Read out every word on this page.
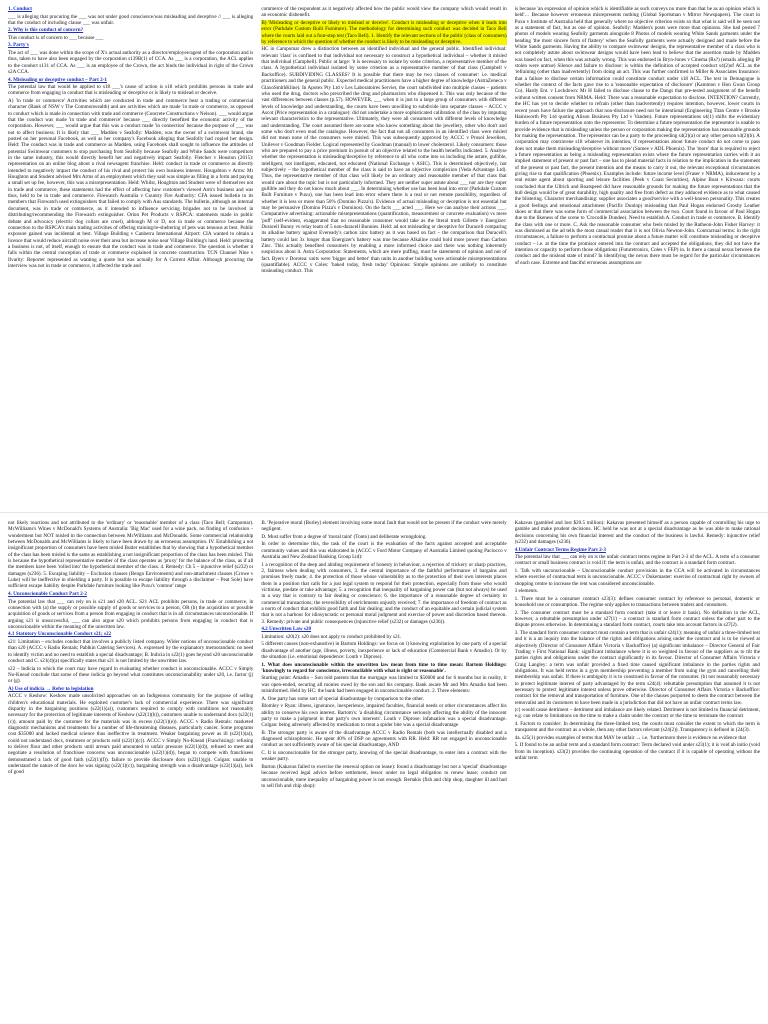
1. Conduct

___ is alleging that procuring the ___ was not under good conscience/was misleading and deceptive // ___ is alleging that the conduct of including clause ___ was unfair.

2. Why is this conduct of concern?

This conduct is of concern to ___ because ___

3. Party's

The act of ___ was done within the scope of X's actual authority as a director/employee/agent of the corporation and is thus, taken to have also been engaged by the corporation s139B(1) of CCA. As ___ is a corporation, the ACL applies to the conduct s131 of CCA. As ___ is an employee of the Crown, the act binds the individual in right of the Crown s2A CCA.

4. Misleading or deceptive conduct – Part 2-1

The potential law that would be applied to s18 ___'s cause of action is s18 which prohibits persons in trade and commerce from engaging in conduct that is misleading or deceptive or is likely to mislead or deceive.

A) 'in trade or commerce' Activities which are conducted in trade and commerce bear a trading or commercial character (Bank of NSW v The Commonwealth) and are activities which are made 'in trade or commerce, as opposed to conduct which is made in connection with trade and commerce (Concrete Constructions v Nelson). ___ would argue that the conduct was made 'in trade and commerce' because ___ directly benefited the economic activity of the corporation. However, ___ would argue that this was a conduct made 'in connection' because the purpose of ___ was not to affect business. It is likely that ___ Madden v Seafolly: Madden, was the owner of a swimwear brand, she posted on her personal Facebook, as well as her company's Facebook alleging that Seafolly had copied her design. Held: The conduct was in trade and commerce as Madden, using Facebook shall sought to influence the attitudes of potential Swimwear customers to stop purchasing from Seafolly because Seafolly and White Sands were competitors in the same industry, this would directly benefit her and negatively impact Seafolly. Fletcher v Houston (2015): representation on an online blog about a rival newsagent franchise. Held: conduct in trade or commerce as directly intended to negatively impact the conduct of his rival and protect his own business interest. Hougahton v Arms: Mr Houghton and Student advised Mrs Arms of an employment which they said was simple as filling in a form and paying a small set up fee, however, this was a misrepresentation. Held: Whilst, Houghton and Student were of themselves not in trade and commerce, these statements had the effect of affecting how customer's viewed Arm's business and was thus, held to be in trade and commerce. Firewatch Australia v Country Fire Authority: CFA issued bulletin to its members that Firewatch used extinguishers that failed to comply with Aus standards. The bulletin, although an internal document, was in trade or commerce, as it intended to influence servicing brigades not to be involved in distributing/recommending the Firewatch extinguisher. Orion Pet Products v RSPCA: statements made in public debate and advocacy (electric dog collars are cruel), although M or D, not in trade or commerce because the connection to the RSPCA's main trading activities of offering training/re-sheltering of pets was tenuous at best. Public exposure gained was incidental at best. Village Building v Canberra International Airport: CIA wanted to obtain a licence that would reduce aircraft noise over their area but increase noise near Village Building's land. Held: protecting a business is not, of itself, enough to ensure that the conduct was in trade and commerce. The question is whether it falls within the central conception of trade or commerce explained in concrete construction. TCN Channel Nine v Ilvarity: Reporter represented as wanting a quote but was actually for A Current Affair. Although procuring the interview was not in trade or commerce, it affected the trade and

commerce of the respondent as it negatively affected how the public would view the company which would result in an economic disbenefit.

B) 'Misleading or deceptive or likely to mislead or deceive'. Conduct is misleading or deceptive when it leads into error (Parkdale Custom Built Furniture). The methodology for determining such conduct was decided in Taco Bell where the courts laid out a four-step test (Taco Bell). 1. Identify the relevant sections of the public (class of consumers) by reference to which the question of whether the conduct is likely to be misleading or deceptive.

HC in Campomar drew a distinction between an identified individual and the general public. Identified individual: relevant 'class' is confined to that individual not necessary to construct a hypothetical individual – whether it misled that individual (Campbell). Public at large: 'it is necessary to isolate by some criterion, a representative member of the class. A hypothetical individual isolated by some criterion as a representative member of that class (Campbell v Backoffice). SUBDIVIDING CLASSES? It is possible that there may be two classes of consumer: i.e. medical practitioners and the general public. Expected medical practitioners have a higher degree of knowledge (AstraZeneca v GlaxoSmithKline). In Apotex Pty Ltd v Les Laboratoires Servier, the court subdivided into multiple classes – patients who used the drug, doctors who prescribed the drug and pharmacists who dispensed it. This was only because of the vast differences between classes (p.57). HOWEVER, ___ when it is just to a large group of consumers with different levels of knowledge and understanding, the courts have been unwilling to subdivide into separate classes – ACCC v Ascot (Price representation in a catalogue): did not undertake a more sophisticated calibration of the class by imputing relevant characteristics to the representative. Ultimately, they were all consumers with different levels of knowledge and understanding. The court assumed there are some who know something about the jewellery, other who don't and some who don't even read the catalogue. However, the fact that not all consumers in an identified class were misled did not mean none of the consumers were misled. This was subsequently approved by ACCC v Prosol Jewellers, Unilever v Goodman Fielder. Logical represented by Goodman (manual) to lower cholesterol. Likely consumers: those who are prepared to pay a price premium in pursuit of an objective related to the health benefits indicated. 5. Analyse whether the representation is misleading/deceptive by reference to all who come into us including the astute, gullible, intelligent, not intelligent, educated, not educated (National Exchange v ASIC). This is determined objectively, not subjectively – the hypothetical member of the class is said to have an objective complexion (Veda Advantage Ltd). Thus, the representative member of that class will likely be an ordinary and reasonable member of that class that would care about the topic but is not particularly informed. They are neither super astute about ___ nor are they super gullible and they do not know much about ___. In determining whether use has been lead into error (Parkdale Custom Built Furniture v Puxu), one has been lead into error where there is a real or not remote possibility, regardless of whether it is less or more than 50% (Domino Pizza's). Evidence of actual misleading or deception is not essential but may be persuasive (Domino Pizza's v Dominos). On the facts ___ acted ___. Here we can analyse their actions ___. Comparative advertising: actionable misrepresentations (quantification, measurement or concrete evaluation) vs mere 'puff' (self-evident, exaggerated that no reasonable consumer would take as the literal truth Gillette v Energizer: Duracell Bunny vs relay team of 5 non-duracell Bunnies. Held: ad not misleading or deceptive for Duracell comparing its alkaline battery against Eveready's carbon zinc battery as it was based on fact – the comparison that Duracell's battery could last 3x longer than Energizer's battery was true because Alkaline could hold more power than Carbon Zinc. This actually benefited consumers by enabling a more informed choice and there was nothing inherently suspicious about it. Astra Corporation: Statements, which are mere puffing, must be statements of opinion and not of fact. Byers v Dorotea: units were 'bigger and better' than units in another building were actionable misrepresentations (quantifiable). ACCC v Coles: 'baked today, fresh today' Opinions: Simple opinions are unlikely to constitute misleading conduct. This

is because 'an expression of opinion which is identifiable as such conveys no more than that he as an opinion which is held'… Because however erroneous misrepresents nothing (Global Sportsman v Mirror Newspapers). The court in Puxu v Institute of Australia held that generally where no objective criterion exists so that what is said will be seen not as a statement of fact, but as one of opinion. Seafolly: Madden's posts were more than opinions. She had posted 7 photos of models wearing Seafolly garments alongside 8 Photos of models wearing White Sands garments under the heading 'the most sincere form of flattery' when the Seafolly garments were actually designed and made before the White Sands garments. Having the ability to compare swimwear designs, the representative member of a class who is not completely astute about swimwear designs would have been lead to believe that the assertion made by Madden was based on fact, when this was actually wrong. This was endorsed in Bryn-Jones v Cinema (Rs?) (emails alleging IP stolen were untrue) Silence and failure to disclose: is within the definition of accepted conduct s4(2)of ACL as the 'refraining (other than inadvertently) from doing an act. This was further confirmed in Miller & Associates Insurance: that a failure to disclose certain information could constitute conduct under s18 ACL. The test in Demagogue is whether the context of the facts gave rise to a 'reasonable expectation of disclosure' (Kammon v Hon Gwan Group Co). Hardy Ent. v Lockdown: Mr H failed to disclose clause to the Dangs that pre-tested assignment of the benefit without written consent from NRMA. Held: There was a reasonable expectation to disclose. INTENTION? Currently, the HC has yet to decide whether to refrain (other than inadvertently) requires intention, however, lower courts in recent years have failure the approach that non-disclosure need not be intentional (Engineering Titan Centre v Brooke Hainsworth Pty Ltd quoting Alison Business Pty Ltd v Vanden). Future representations s4(1) shifts the evidentiary burden of a future representation onto the representor. To determine a future representation the representor is unable to provide evidence that is misleading unless the person or corporation making the representation has reasonable grounds for making the representation. The representor can be a party to the proceeding s4(2)(a) or any other person s4(2)(b). A corporation may contravene s18 whatever its intention, if representations about future conduct do not come to pass does not make them misleading/deceptive without more' (Sumee v ADL Phoenix). The 'more' that is required to reject a future representation as being a misleading representation exists where the future representation carries with it an implied statement of present or past fact – one has to plead material facts in relation to the implication in the statement of the present or past fact, the present intention and the means to carry it out, the relevant exceptional circumstances giving rise to that qualification (Phoenix). Examples include: future income level (Fraser v NRMA), inducement by a real estate agent about sporting and leisure facilities (Peek v Coast Securities), Alpine Boat v Kirwanz: courts concluded that the Ullrich and Boatspeed did have reasonable grounds for making the future representations that the hull design would be of great durability, high quality and free from defect as they adduced evidence as to what caused the blistering. Character merchandising: supplier associates a good/service with a well-known personality. This creates a good feelings and emotional attachment (Pacific Dunlop) misleading that Paul Hogan endorsed Grosby Leather shoes or that there was some form of commercial association between the two. Court found in favour of Paul Hogan due to the likeness of the scene to 'Crocodile Dundee). Need to establish A. Conduct in trade or commerce. B. Identify the class with one or more. C. Ask the reasonable consumer who feels misled by the Ratheon-John Fisher Harvey: it was dismissed as the ad tells the most casual reader that it is not Olivia Newton-John. Contractual terms: in the right circumstances, a failure to perform a contractual promise about a future matter will constitute misleading or deceptive conduct – i.e. at the time the promisor entered into the contract and accepted the obligations, they did not have the intention or capacity to perform those obligations (Futuretronics, Coles v FEP) in. Is there a causal nexus between the conduct and the mislead state of mind? In identifying the nexus there must be regard for the particular circumstances of each case. Extreme and fanciful erroneous assumptions are

not likely reactions and not attributed to the 'ordinary' or 'reasonable' member of a class (Taco Bell; Campomar). McWilliams's Wines v McDonald's Systems of Australia: 'Big Mac' used for a wine pack, no finding of confusion – wonderment but NOT misled in the connection between McWilliams and McDonalds. Some commercial relationship between McDonalds and McWilliams is likely to have been drawn by an erroneous assumption. IV. Establishing a not insignificant proportion of consumers have been misled Butler establishes that by showing that a hypothetical member of the class has been misled is the same as establishing a not insignificant proportion of the class has been misled. This is because the hypothetical representative member of the class operates as 'proxy' for the balance of the class, as if all the members have been 'rolled into' the hypothetical member of the class. 4. Remedy: Ch 5 – injunctive relief (s232) or damages (s236). 5. Escaping liability – Exclusion clauses (Bengo Enviroments) and non-attachment clauses (Crowe v Luke) will be ineffective in shielding a party. It is possible to escape liability through a disclaimer – Peat Sole) have sufficient escape liability despite Parkdale furniture looking like Puxu's 'contour' range

4. Unconscionable Conduct Part 2-2

The potential law that ___ can rely on is s21 and s20 ACL. S21 ACL prohibits persons, in trade or commerce, in connection with (a) the supply or possible supply of goods or services to a person, OR (b) the acquisition or possible acquisition of goods or services from a person from engaging in conduct that is in all circumstances unconscionable. If arguing s21 is unsuccessful, ___ can also argue s20 which prohibits persons from engaging in conduct that is unconscionable within the meaning of the unwritten law.

4.1 Statutory Unconscionable Conduct s21; s22

s21: Limitation – excludes conduct that involves a publicly listed company. Wider notions of unconscionable conduct than s20 (ACCC v Radio Rentals; Pablkin Catering Services). A. expressed by the explanatory memorandum: no need to identify victim and no need to establish a special disadvantage; B. Indicia in s22(1) goes beyond s20 unconscionable conduct and C. s21(4)(a) specifically states that s21 is not limited by the unwritten law.

s22 – Indicia to which the court may have regard in evaluating whether conduct is unconscionable. ACCC v Simply No-Knead conclude that some of these indicia go beyond what constitutes unconscionability under s20, i.e. factor (j) or (g).

A) Use of indicia → Refer to legislation

ACCC v Keshow: Keshow made unsolicited approaches on an Indigenous community for the purpose of selling children's educational materials. He exploited customer's lack of commercial experience. There was significant disparity in the bargaining positions (s22(1)(a)), customers required to comply with conditions not reasonably necessary for the protection of legitimate interests of Keshow (s22(1)(b)), customers unable to understand docs (s22(1)(c)), amount paid by the customer for the materials was in excess (s22(1)(e)). ACCC v Radio Rentals: marketed diagnostic mechanisms and treatments for a number of life-threatening diseases, particularly cancer. Some programs cost $35000 and lacked medical science thus ineffective in treatment. Weaker bargaining power as ill (s22(1)(a)), could not understand docs, treatment or products sold (s22(1)(c)). ACCC v Simply No-Knead (Franchising): refusing to deliver flour and other products until arrears paid amounted to unfair pressure (s22(1)(d)), refused to meet and negotiate a resolution of franchisee concerns was unconscionable (s22(1)(d)), began to compete with franchisees demonstrated a lack of good faith (s22(1)(f)). failure to provide disclosure docs (s22(1)(g)). Colgan: unable to understand the nature of the docs he was signing (s22(1)(c)), bargaining strength was a disadvantage (s22(1)(a)), lack of good

B. 'Pejorative moral (Burley) element involving some moral fault that would not be present if the conduct were merely negligent.

D. Must suffer from a degree of 'moral taint' (Tonto) and deliberate wrongdoing.

In order to determine this, the task of the court is the evaluation of the facts against accepted and acceptable community values and this was elaborated in (ACCC v Ford Motor Company of Australia Limited quoting Paciocco v Australia and New Zealand Banking Group Ltd):

1 a recognition of the deep and abiding requirement of honesty in behaviour, a rejection of trickery or sharp practices, 2, fairness when dealing with consumers, 3. the central importance of the faithful performance of bargains and promises freely made; 4. the protection of those whose vulnerability as to the protection of their own interests places them in a position that calls for a just legal system to respond for their protection, especially from those who would victimise, predate or take advantage; 5. a recognition that inequality of bargaining power can (but not always) be used in a way that is contrary to fair dealing or conscience; 6. the importance of a reasonable degree of certainty in commercial transactions; the reversibility of enrichments unjustly received; 7. the importance of freedom of contract as a norm of conduct that exhibits good faith and fair dealing; and the conduct of an equitable and certain judicial system that is not a harbour for idiosyncratic or personal moral judgment and exercise of power and discretion based thereon. 3. Remedy: private and public consequences (injunctive relief (s232) or damages (s236)).

4.2 Unwritten Law s20

Limitation: s20(2): s20 does not apply to conduct prohibited by s21.

5 different causes (non-exhaustive) in Bartom Holdings: we focus on i) knowing exploitation by one party of a special disadvantage of another (age, illness, poverty, inexperience or lack of education (Commercial Bank v Amadio). Or by the situation (i.e. emotional dependence: Louth v Diprose).

1. What does unconscionable within the unwritten law mean from time to time mean: Bartom Holdings: 'knowingly to regard for conscience, irreconcilable with what is right or reasonable'.

Starting point: Amadio – Son told parents that the mortgage was limited to $50000 and for 6 months but in reality, it was open-ended, securing all monies owed by the son and his company. Bank aware Mr and Mrs Amadio had been misinformed. Held by HC: the bank had been engaged in unconscionable conduct. 2. Three elements:

A. One party has some sort of special disadvantage by comparison to the other.

Blomley v Ryan: illness, ignorance, inexperience, impaired faculties, financial needs or other circumstances affect his ability to conserve his own interest. Bartom's: 'a disabling circumstance seriously affecting the ability of the innocent party to make a judgment in that party's own interests'. Louth v Diprose: infatuation was a special disadvantage. Colgan: being adversely affected by medication to treat a spider bite was a special disadvantage

B. The stronger party is aware of the disadvantage ACCC v Radio Rentals (both was intellectually disabled and a diagnosed schizophrenic. He spent 40% of DSP on agreements with RR. Held: RR not engaged in unconscionable conduct as not sufficiently aware of his special disadvantage, AND

C. It is unconscionable for the stronger party, knowing of the special disadvantage, to enter into a contract with the weaker party.

Burton (Kakavas failed to exercise the renewal option on lease): found a disadvantage but not a 'special' disadvantage because received legal advice before settlement, lessor under no legal obligation to renew lease; conduct not unconscionable, mere inequality of bargaining power is not enough. Bertakis (fish and chip shop, daughter ill and had to sell fish and chip shop):

Kakavas (gambled and lost $20.5 million): Kakavas presented himself as a person capable of controlling his urge to gamble and make prudent decisions. HC held he was not at a special disadvantage as he was able to make rational decisions concerning his own financial interest and the conduct of the business is lawful. Remedy: injunctive relief (s232) and damages (s236).

4.Unfair Contract Terms Regime Part 2-3

The potential law that ___ can rely on is the unfair contract terms regime in Part 2-3 of the ACL. A term of a consumer contract or small business contract is void if: the term is unfair, and the contract is a standard form contract.

1. Talk with unconscionable – Unconscionable conduct provisions in the CCA will be activated in circumstances where exercise of contractual term is unconscionable. ACCC v Dukemaster: exercise of contractual right by owners of shopping centre to increase the rent was considered unconscionable.

3 elements.

1. There must be a consumer contract s23(3): defines consumer contract by reference to personal, domestic or household use or consumption. The regime only applies to transactions between traders and consumers.

2. The consumer contract must be a standard form contract (take it or leave it basis). No definition in the ACL, however, a rebuttable presumption under s27(1) – a contract is standard form contract unless the other part to the dispute proves otherwise. In determining a standard form contract, courts take into account factors in s27(2).

3. The standard form consumer contract must contain a term that is unfair s24(1): meaning of unfair a three-limbed test and it is a an inquiry into the balance of the rights and obligations arising under the contract and is to be viewed at objectively (Director of Consumer Affairs Victoria v Backoffice) (a) significant imbalance – Director General of Fair Trading v First National Bank: significant imbalance where it is so weighted in favour of the suppliers as to tilt the parties rights and obligations under the contract significantly in its favour. Director of Consumer Affairs Victoria v Craig Langley: a term was unfair provided a fixed time caused significant imbalance in the parties rights and obligations. It was held terms in a gym membership preventing a member from suing the gym and cancelling their membership was unfair. If there is ambiguity it is to construed in favour of the consumer. (b) not reasonably necessary to protect legitimate interest of party advantaged by the term s24(4): rebuttable presumption that assumed it is not necessary to protect legitimate interest unless prove otherwise. Director of Consumer Affairs Victoria v Backoffice: contract for the removal and transportation of furniture. One of the clauses purported to deem the contract between the removalist and its customers to have been made in a jurisdiction that did not have an unfair contract terms law.

(c) would cause detriment – detriment and imbalance are likely related. Detriment is not limited to financial detriment, e.g. can relate to limitations on the time to make a claim under the contract or the time to terminate the contract

4. Factors to consider: In determining the three-limbed test, the courts must consider the extent to which the term is transparent and the contract as a whole, then any other factors relevant (s24(2)). Transparency is defined in (24(3).

4a. s25(1) provides examples of terms that MAY be unfair → i.e. 'furthermore there is evidence no evidence that

5. If found to be an unfair term and a standard form contract: Term declared void under s23(1); it is void ab initio (void from its inception). s23(2) provides the continuing operation of the contract if it is capable of operating without the unfair term
